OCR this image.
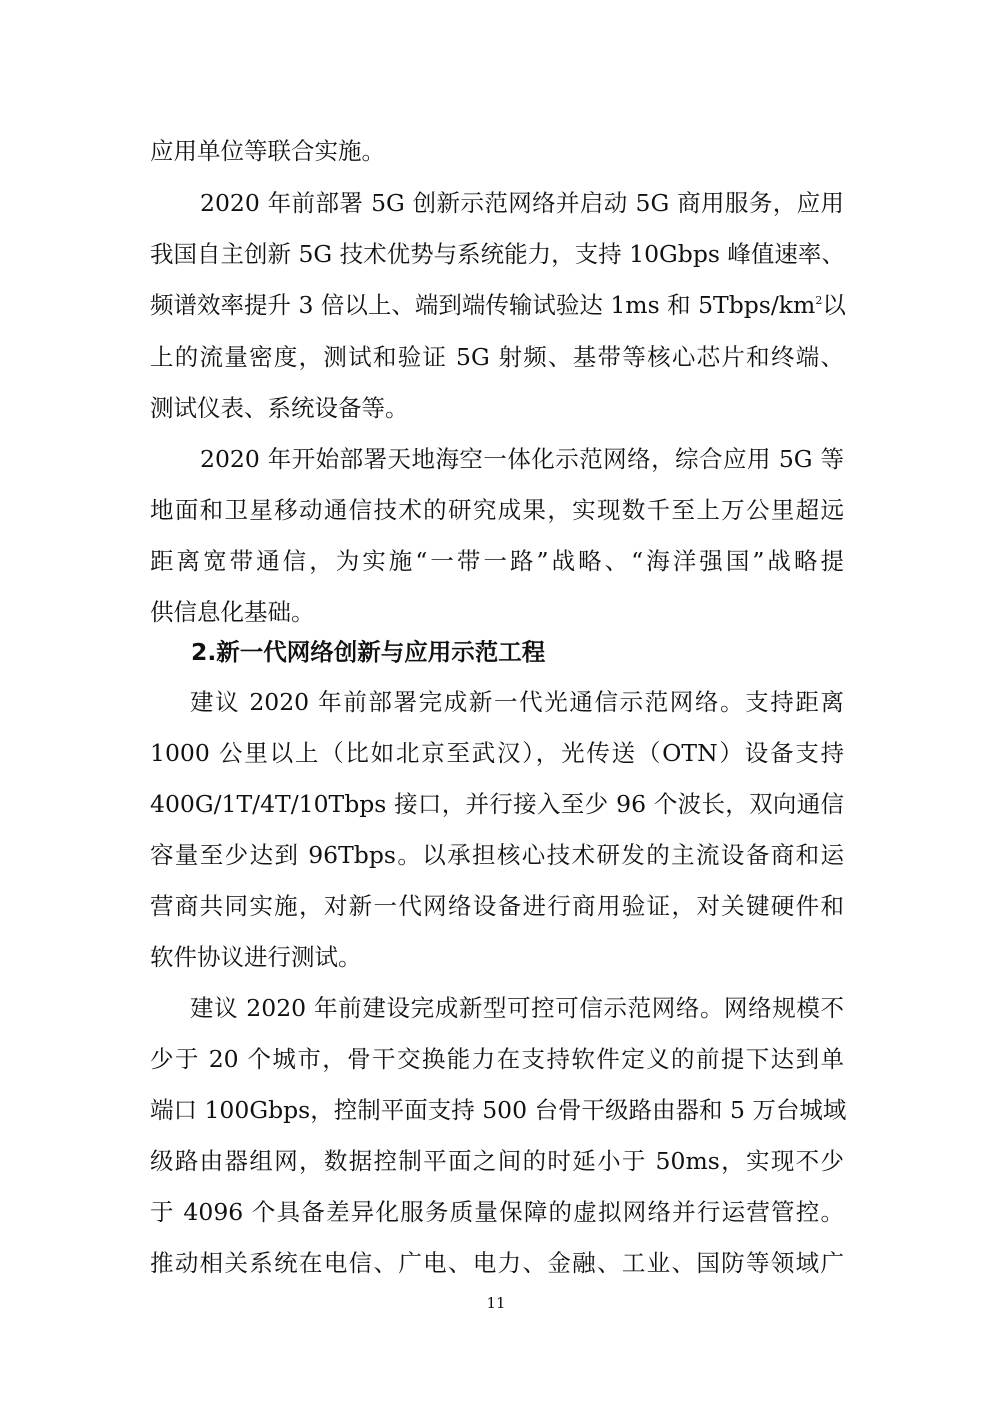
应用单位等联合实施。
2020 年前部署 5G 创新示范网络并启动 5G 商用服务，应用
我国自主创新 5G 技术优势与系统能力，支持 10Gbps 峰值速率、
频谱效率提升 3 倍以上、端到端传输试验达 1ms 和 $5Tbps/km^2$以
上的流量密度，测试和验证 5G 射频、基带等核心芯片和终端、
测试仪表、系统设备等。
2020 年开始部署天地海空一体化示范网络，综合应用 5G 等
地面和卫星移动通信技术的研究成果，实现数千至上万公里超远
距离宽带通信，为实施“一带一路”战略、“海洋强国”战略提
供信息化基础。
2.新一代网络创新与应用示范工程
建议 2020 年前部署完成新一代光通信示范网络。支持距离
1000 公里以上（比如北京至武汉），光传送（OTN）设备支持
400G/1T/4T/10Tbps 接口，并行接入至少 96 个波长，双向通信
容量至少达到 96Tbps。以承担核心技术研发的主流设备商和运
营商共同实施，对新一代网络设备进行商用验证，对关键硬件和
软件协议进行测试。
建议 2020 年前建设完成新型可控可信示范网络。网络规模不
少于 20 个城市，骨干交换能力在支持软件定义的前提下达到单
端口 100Gbps，控制平面支持 500 台骨干级路由器和 5 万台城域
级路由器组网，数据控制平面之间的时延小于 50ms，实现不少
于 4096 个具备差异化服务质量保障的虚拟网络并行运营管控。
推动相关系统在电信、广电、电力、金融、工业、国防等领域广
11
